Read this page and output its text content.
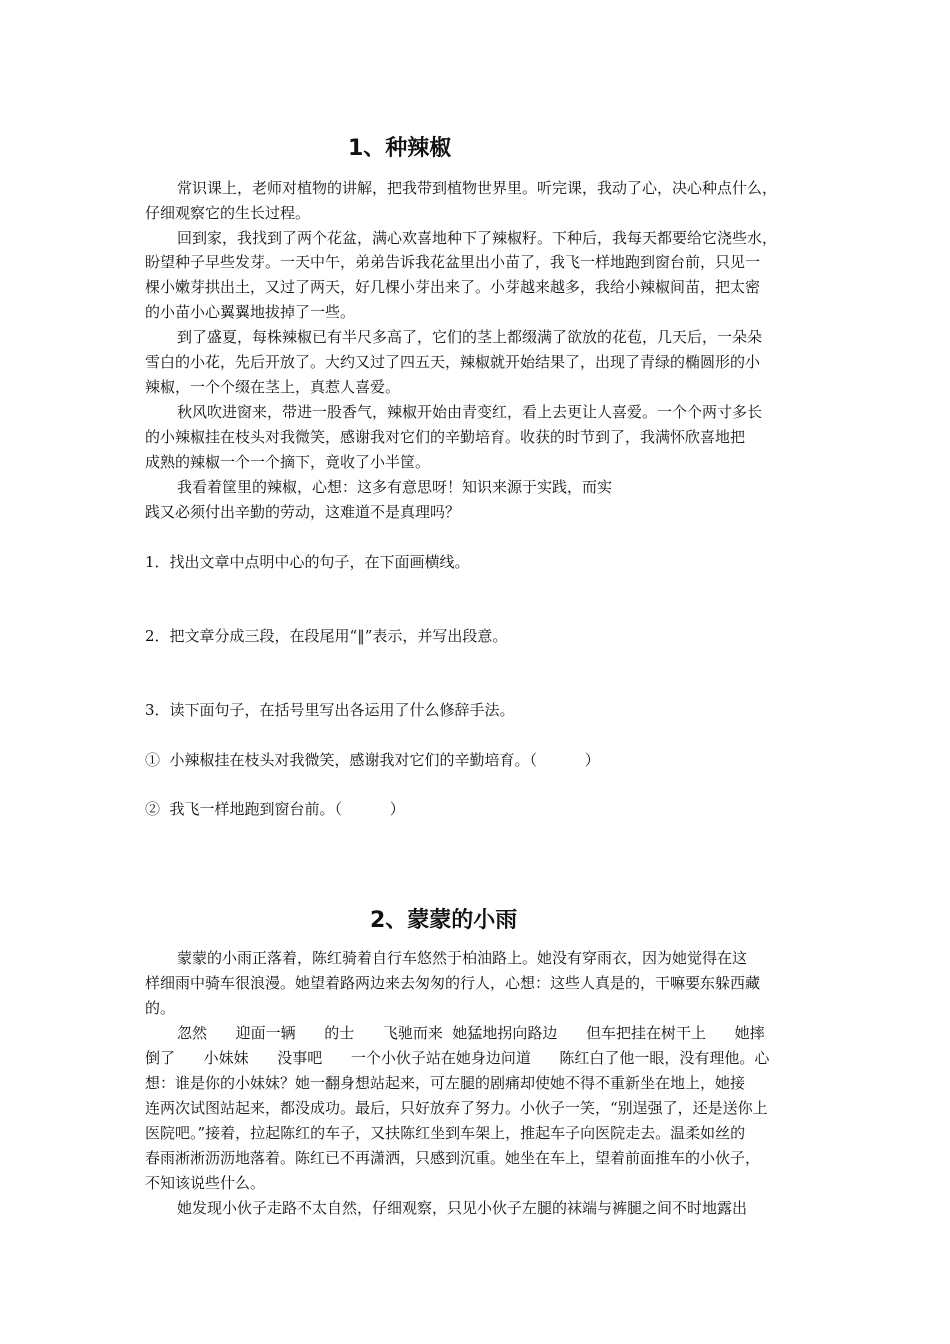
1、种辣椒

常识课上，老师对植物的讲解，把我带到植物世界里。听完课，我动了心，决心种点什么，

仔细观察它的生长过程。

回到家，我找到了两个花盆，满心欢喜地种下了辣椒籽。下种后，我每天都要给它浇些水，

盼望种子早些发芽。一天中午，弟弟告诉我花盆里出小苗了，我飞一样地跑到窗台前，只见一

棵小嫩芽拱出土，又过了两天，好几棵小芽出来了。小芽越来越多，我给小辣椒间苗，把太密

的小苗小心翼翼地拔掉了一些。

到了盛夏，每株辣椒已有半尺多高了，它们的茎上都缀满了欲放的花苞，几天后，一朵朵

雪白的小花，先后开放了。大约又过了四五天，辣椒就开始结果了，出现了青绿的椭圆形的小

辣椒，一个个缀在茎上，真惹人喜爱。

秋风吹进窗来，带进一股香气，辣椒开始由青变红，看上去更让人喜爱。一个个两寸多长

的小辣椒挂在枝头对我微笑，感谢我对它们的辛勤培育。收获的时节到了，我满怀欣喜地把

成熟的辣椒一个一个摘下，竟收了小半筐。

我看着筐里的辣椒，心想：这多有意思呀！知识来源于实践，而实

践又必须付出辛勤的劳动，这难道不是真理吗？

1．找出文章中点明中心的句子，在下面画横线。

2．把文章分成三段，在段尾用“‖”表示，并写出段意。

3．读下面句子，在括号里写出各运用了什么修辞手法。

①  小辣椒挂在枝头对我微笑，感谢我对它们的辛勤培育。（          ）

②  我飞一样地跑到窗台前。（          ）

2、蒙蒙的小雨

蒙蒙的小雨正落着，陈红骑着自行车悠然于柏油路上。她没有穿雨衣，因为她觉得在这

样细雨中骑车很浪漫。她望着路两边来去匆匆的行人，心想：这些人真是的，干嘛要东躲西藏

的。

忽然      迎面一辆      的士      飞驰而来  她猛地拐向路边      但车把挂在树干上      她摔

倒了      小妹妹      没事吧      一个小伙子站在她身边问道      陈红白了他一眼，没有理他。心

想：谁是你的小妹妹？她一翻身想站起来，可左腿的剧痛却使她不得不重新坐在地上，她接

连两次试图站起来，都没成功。最后，只好放弃了努力。小伙子一笑，“别逞强了，还是送你上

医院吧。”接着，拉起陈红的车子，又扶陈红坐到车架上，推起车子向医院走去。温柔如丝的

春雨淅淅沥沥地落着。陈红已不再潇洒，只感到沉重。她坐在车上，望着前面推车的小伙子，

不知该说些什么。

她发现小伙子走路不太自然，仔细观察，只见小伙子左腿的袜端与裤腿之间不时地露出
